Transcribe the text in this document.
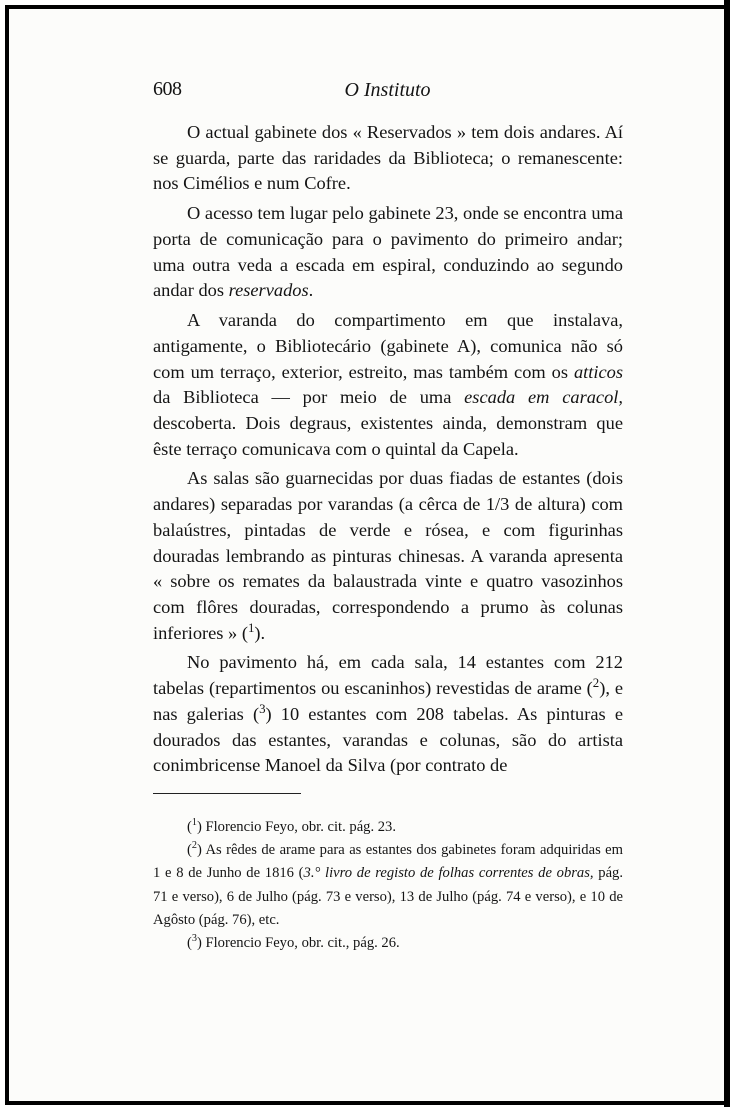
608	O Instituto

O actual gabinete dos « Reservados » tem dois andares. Aí se guarda, parte das raridades da Biblioteca; o remanescente: nos Cimélios e num Cofre.

O acesso tem lugar pelo gabinete 23, onde se encontra uma porta de comunicação para o pavimento do primeiro andar; uma outra veda a escada em espiral, conduzindo ao segundo andar dos reservados.

A varanda do compartimento em que instalava, antigamente, o Bibliotecário (gabinete A), comunica não só com um terraço, exterior, estreito, mas também com os atticos da Biblioteca — por meio de uma escada em caracol, descoberta. Dois degraus, existentes ainda, demonstram que êste terraço comunicava com o quintal da Capela.

As salas são guarnecidas por duas fiadas de estantes (dois andares) separadas por varandas (a cêrca de 1/3 de altura) com balaústres, pintadas de verde e rósea, e com figurinhas douradas lembrando as pinturas chinesas. A varanda apresenta « sobre os remates da balaustrada vinte e quatro vasozinhos com flôres douradas, correspondendo a prumo às colunas inferiores » ($^1$).

No pavimento há, em cada sala, 14 estantes com 212 tabelas (repartimentos ou escaninhos) revestidas de arame ($^2$), e nas galerias ($^3$) 10 estantes com 208 tabelas. As pinturas e dourados das estantes, varandas e colunas, são do artista conimbricense Manoel da Silva (por contrato de

($^1$) Florencio Feyo, obr. cit. pág. 23.

($^2$) As rêdes de arame para as estantes dos gabinetes foram adquiridas em 1 e 8 de Junho de 1816 (3.° livro de registo de folhas correntes de obras, pág. 71 e verso), 6 de Julho (pág. 73 e verso), 13 de Julho (pág. 74 e verso), e 10 de Agôsto (pág. 76), etc.

($^3$) Florencio Feyo, obr. cit., pág. 26.
